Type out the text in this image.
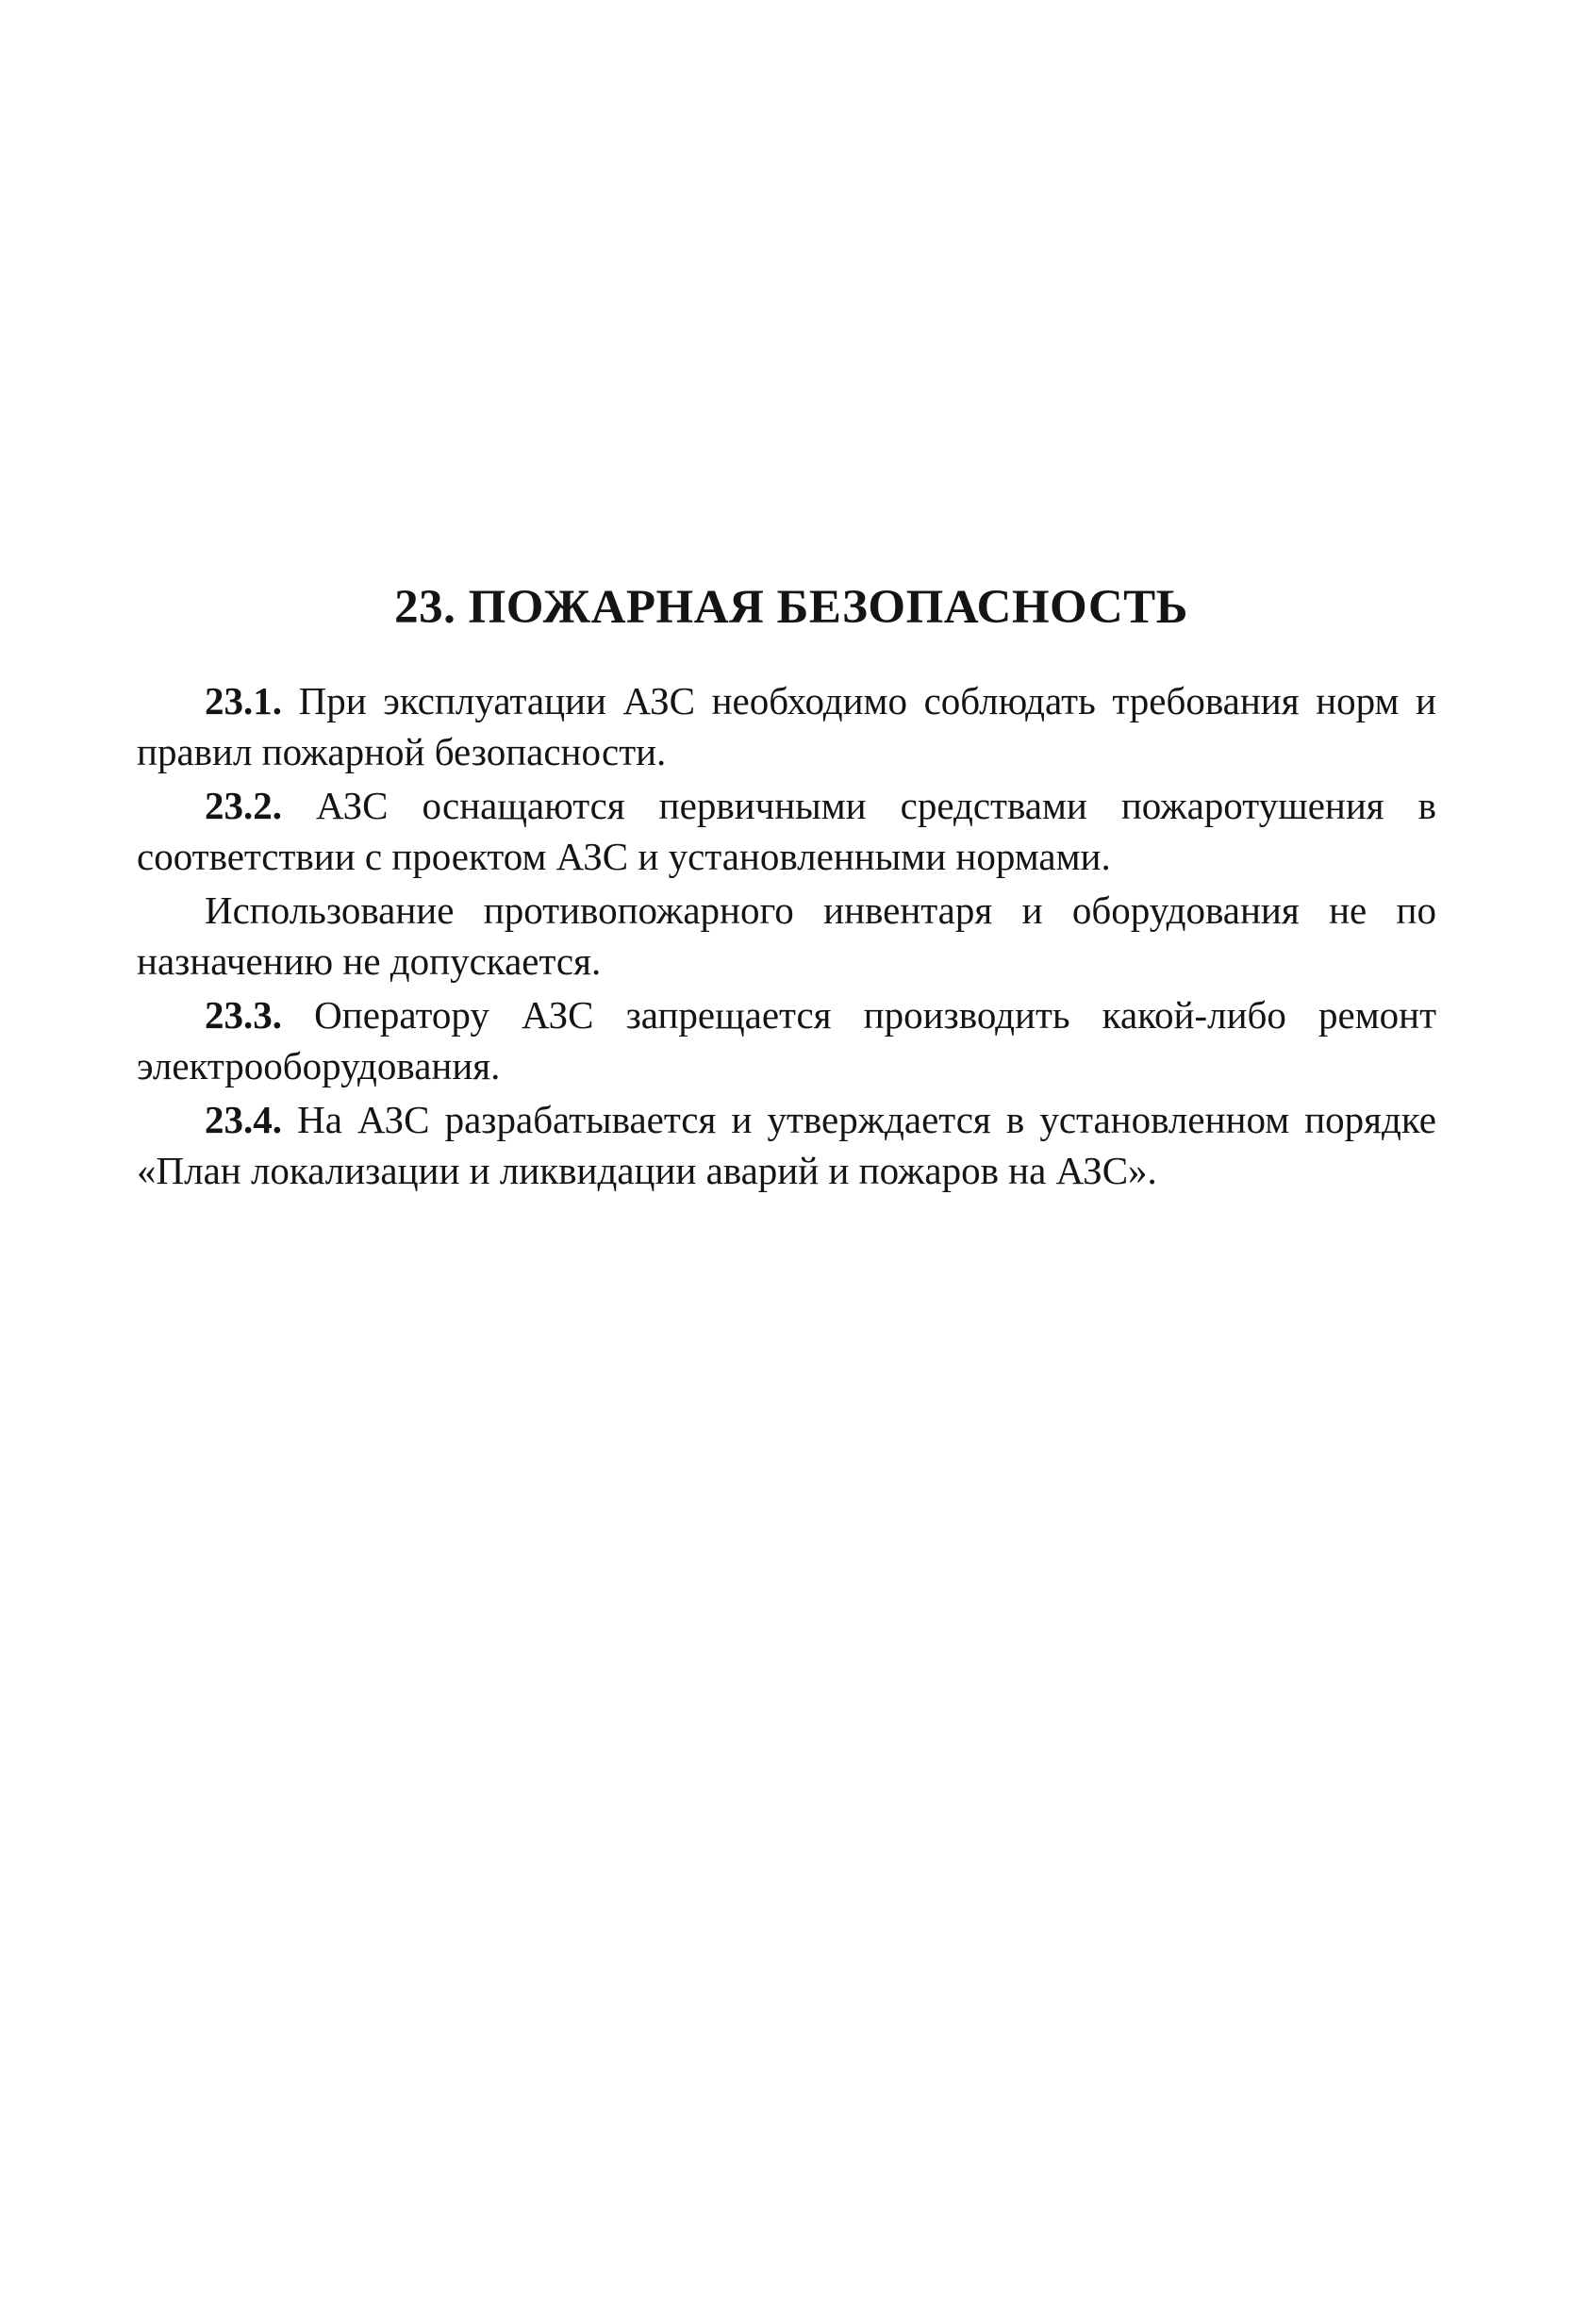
23. ПОЖАРНАЯ БЕЗОПАСНОСТЬ

23.1. При эксплуатации АЗС необходимо соблюдать требования норм и правил пожарной безопасности.

23.2. АЗС оснащаются первичными средствами пожаротушения в соответствии с проектом АЗС и установленными нормами.

Использование противопожарного инвентаря и оборудования не по назначению не допускается.

23.3. Оператору АЗС запрещается производить какой-либо ремонт электрооборудования.

23.4. На АЗС разрабатывается и утверждается в установленном порядке «План локализации и ликвидации аварий и пожаров на АЗС».
